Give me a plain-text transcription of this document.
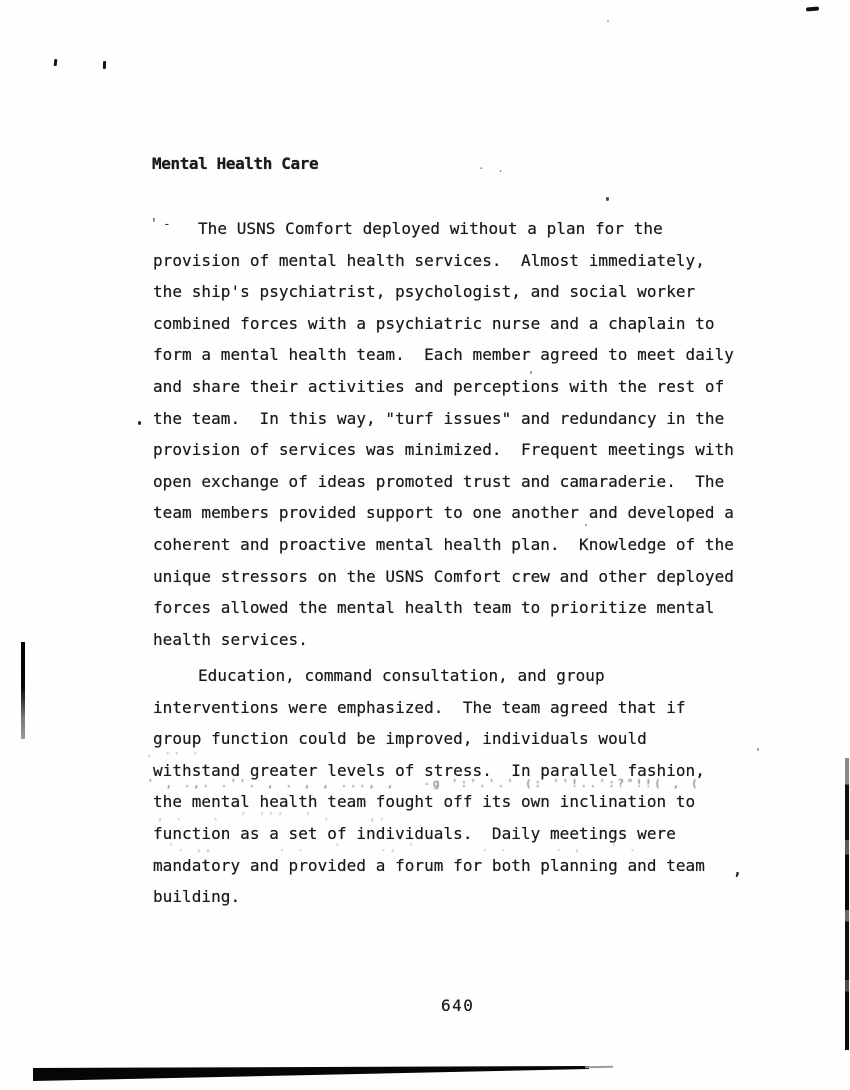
Mental Health Care	· .
'-	The USNS Comfort deployed without a plan for the
provision of mental health services.  Almost immediately,
the ship's psychiatrist, psychologist, and social worker
combined forces with a psychiatric nurse and a chaplain to
form a mental health team.  Each member agreed to meet daily
and share their activities and perceptions with the rest of
the team.  In this way, "turf issues" and redundancy in the
provision of services was minimized.  Frequent meetings with
open exchange of ideas promoted trust and camaraderie.  The
team members provided support to one another and developed a
coherent and proactive mental health plan.  Knowledge of the
unique stressors on the USNS Comfort crew and other deployed
forces allowed the mental health team to prioritize mental
health services.
Education, command consultation, and group
interventions were emphasized.  The team agreed that if
group function could be improved, individuals would
withstand greater levels of stress.  In parallel fashion,
the mental health team fought off its own inclination to
function as a set of individuals.  Daily meetings were
mandatory and provided a forum for both planning and team
building.
. ·· ·
' , .,. .''. , . , , ..., ,   -g ':'.'.' (: ''!..':?"!!( , (
, .   .  ' '''  ' .    ,.
'. ,,       . .   '    ., '       . .     . ,   ' .
,
640
